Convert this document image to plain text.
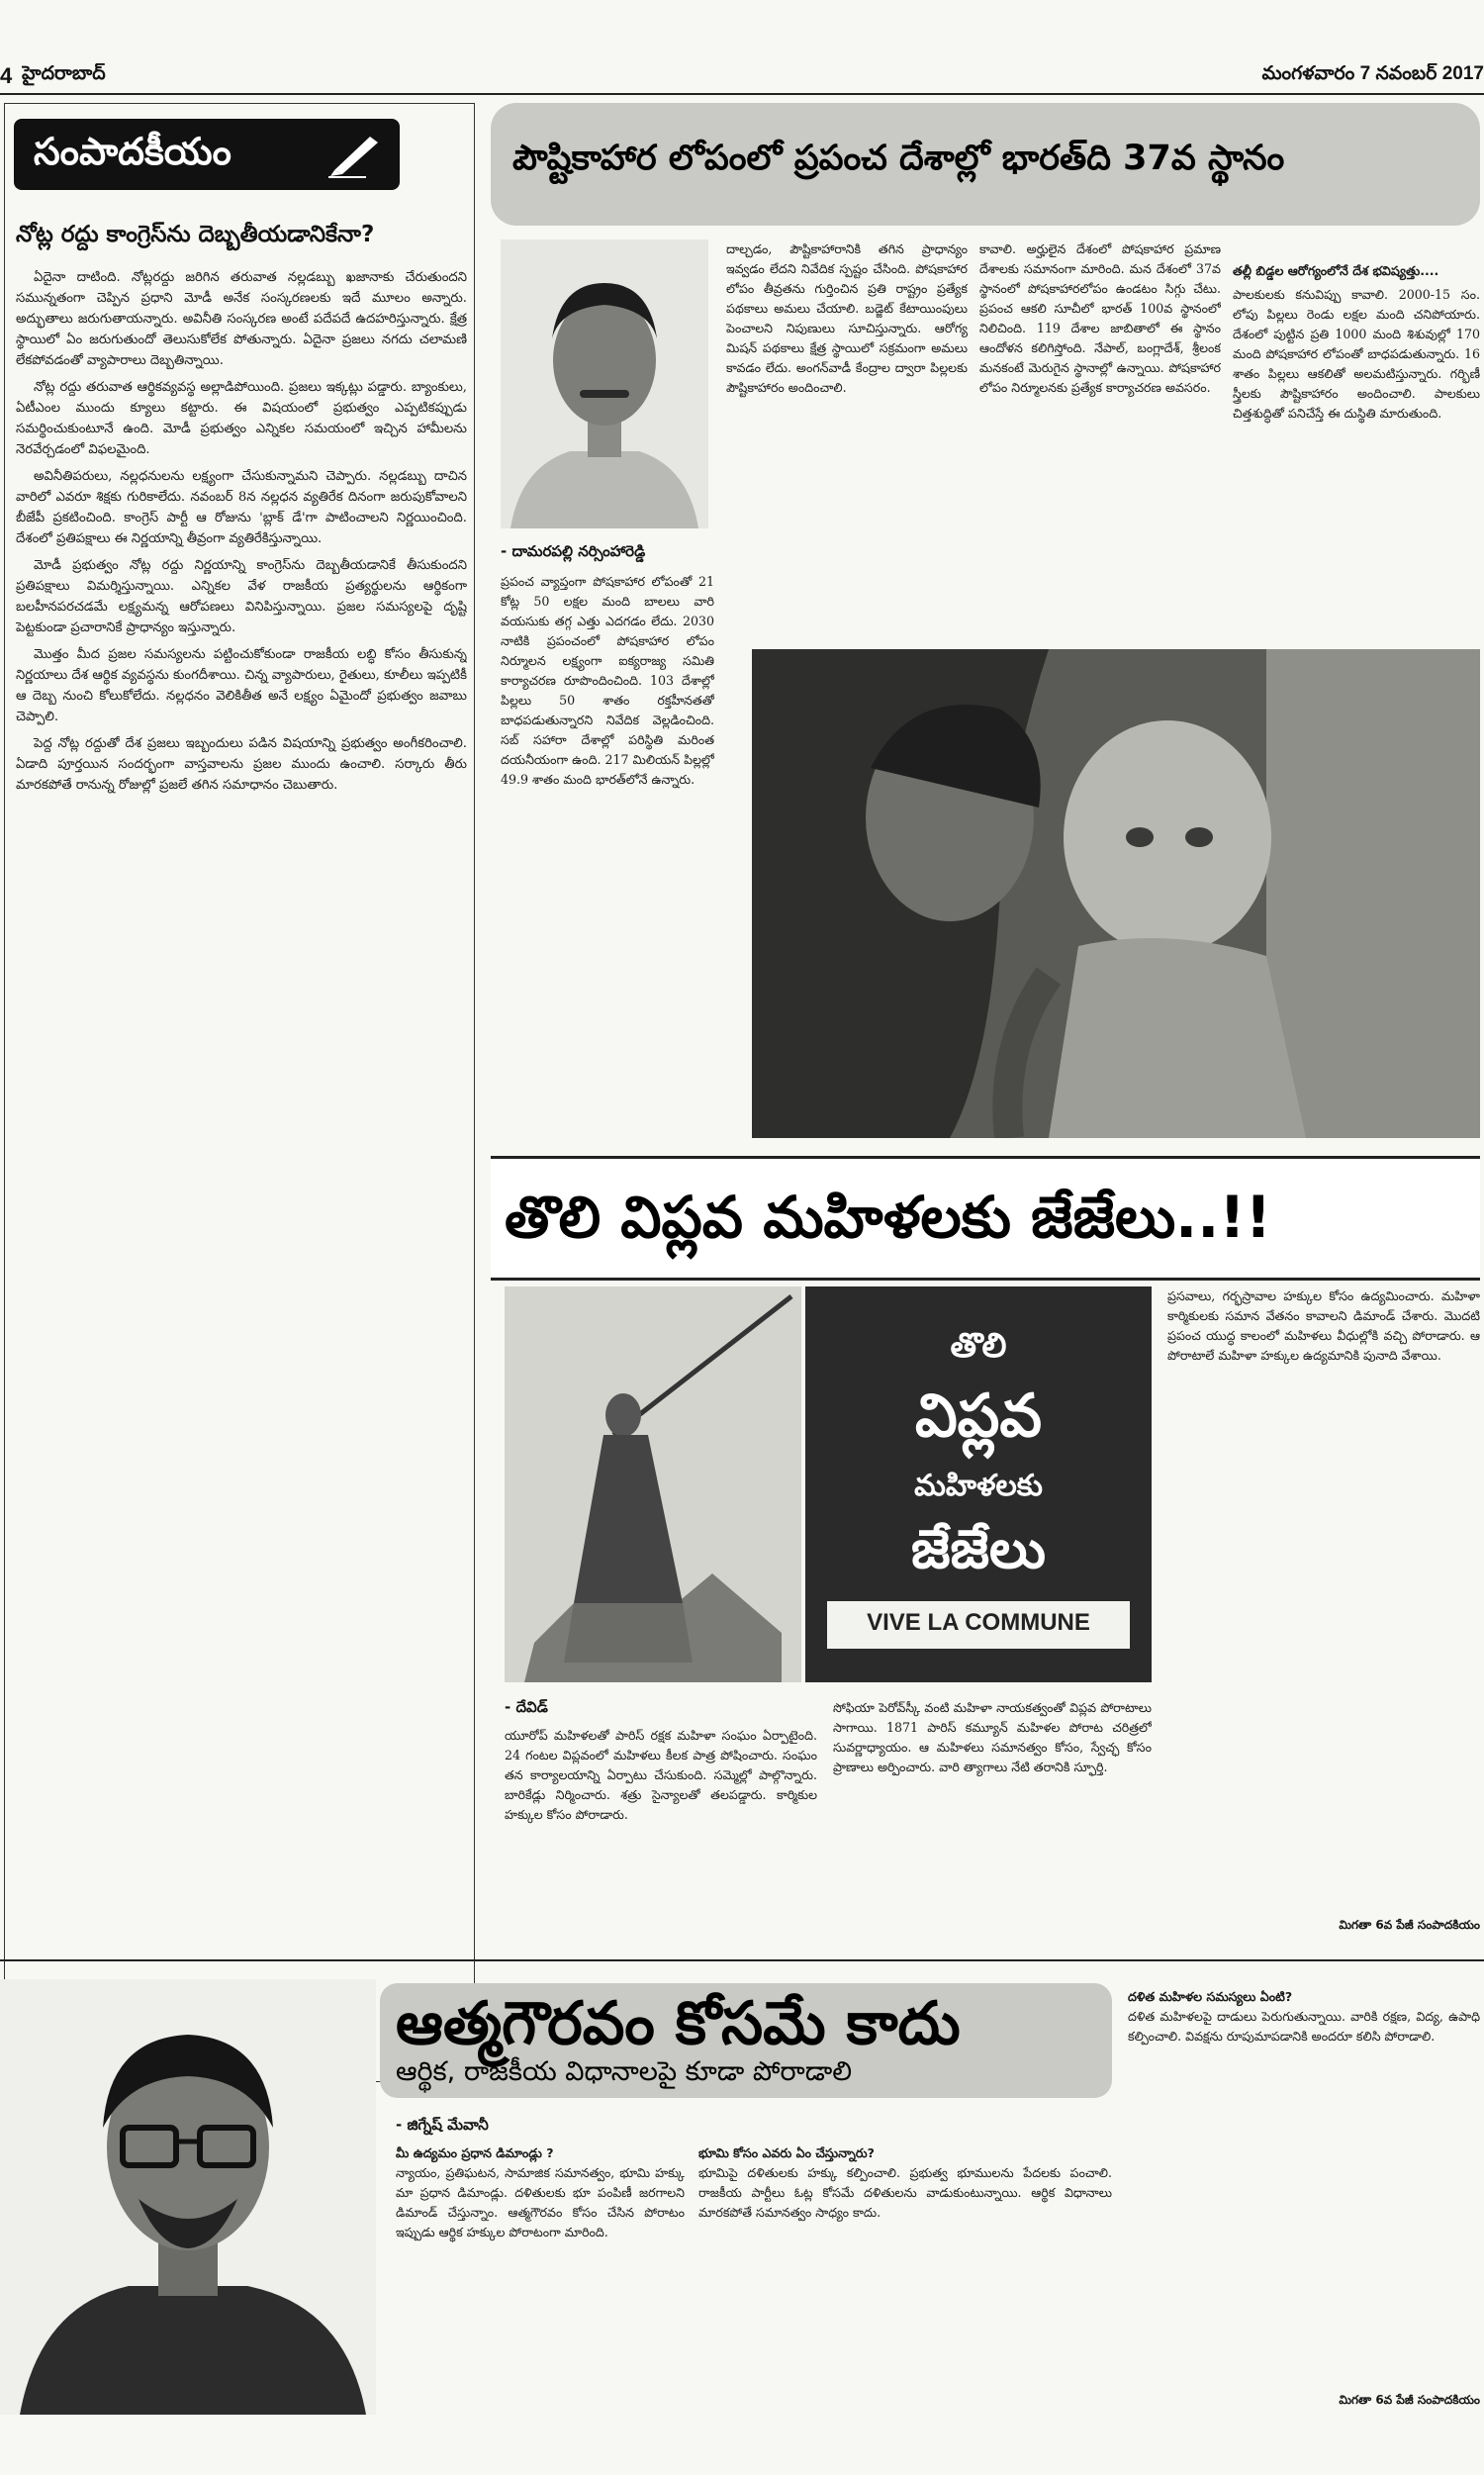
4 హైదరాబాద్	మంగళవారం 7 నవంబర్ 2017
సంపాదకీయం
నోట్ల రద్దు కాంగ్రెస్‌ను దెబ్బతీయడానికేనా?

ఏదైనా దాటింది. నోట్లరద్దు జరిగిన తరువాత నల్లడబ్బు ఖజానాకు చేరుతుందని సమున్నతంగా చెప్పిన ప్రధాని మోడీ అనేక సంస్కరణలకు ఇదే మూలం అన్నారు. అద్భుతాలు జరుగుతాయన్నారు. అవినీతి సంస్కరణ అంటే పదేపదే ఉదహరిస్తున్నారు. క్షేత్ర స్థాయిలో ఏం జరుగుతుందో తెలుసుకోలేక పోతున్నారు. ఏదైనా ప్రజలు నగదు చలామణి లేకపోవడంతో వ్యాపారాలు దెబ్బతిన్నాయి.

నోట్ల రద్దు తరువాత ఆర్థికవ్యవస్థ అల్లాడిపోయింది. ప్రజలు ఇక్కట్లు పడ్డారు. బ్యాంకులు, ఏటీఎంల ముందు క్యూలు కట్టారు. ఈ విషయంలో ప్రభుత్వం ఎప్పటికప్పుడు సమర్థించుకుంటూనే ఉంది. మోడీ ప్రభుత్వం ఎన్నికల సమయంలో ఇచ్చిన హామీలను నెరవేర్చడంలో విఫలమైంది.

అవినీతిపరులు, నల్లధనులను లక్ష్యంగా చేసుకున్నామని చెప్పారు. నల్లడబ్బు దాచిన వారిలో ఎవరూ శిక్షకు గురికాలేదు. నవంబర్ 8న నల్లధన వ్యతిరేక దినంగా జరుపుకోవాలని బీజేపీ ప్రకటించింది. కాంగ్రెస్ పార్టీ ఆ రోజును 'బ్లాక్ డే'గా పాటించాలని నిర్ణయించింది. దేశంలో ప్రతిపక్షాలు ఈ నిర్ణయాన్ని తీవ్రంగా వ్యతిరేకిస్తున్నాయి.

మోడీ ప్రభుత్వం నోట్ల రద్దు నిర్ణయాన్ని కాంగ్రెస్‌ను దెబ్బతీయడానికే తీసుకుందని ప్రతిపక్షాలు విమర్శిస్తున్నాయి. ఎన్నికల వేళ రాజకీయ ప్రత్యర్థులను ఆర్థికంగా బలహీనపరచడమే లక్ష్యమన్న ఆరోపణలు వినిపిస్తున్నాయి. ప్రజల సమస్యలపై దృష్టి పెట్టకుండా ప్రచారానికే ప్రాధాన్యం ఇస్తున్నారు.

మొత్తం మీద ప్రజల సమస్యలను పట్టించుకోకుండా రాజకీయ లబ్ధి కోసం తీసుకున్న నిర్ణయాలు దేశ ఆర్థిక వ్యవస్థను కుంగదీశాయి. చిన్న వ్యాపారులు, రైతులు, కూలీలు ఇప్పటికీ ఆ దెబ్బ నుంచి కోలుకోలేదు. నల్లధనం వెలికితీత అనే లక్ష్యం ఏమైందో ప్రభుత్వం జవాబు చెప్పాలి.

పెద్ద నోట్ల రద్దుతో దేశ ప్రజలు ఇబ్బందులు పడిన విషయాన్ని ప్రభుత్వం అంగీకరించాలి. ఏడాది పూర్తయిన సందర్భంగా వాస్తవాలను ప్రజల ముందు ఉంచాలి. సర్కారు తీరు మారకపోతే రానున్న రోజుల్లో ప్రజలే తగిన సమాధానం చెబుతారు.

పౌష్టికాహార లోపంలో ప్రపంచ దేశాల్లో భారత్‌ది 37వ స్థానం
- దామరపల్లి నర్సింహారెడ్డి
ప్రపంచ వ్యాప్తంగా పోషకాహార లోపంతో 21 కోట్ల 50 లక్షల మంది బాలలు వారి వయసుకు తగ్గ ఎత్తు ఎదగడం లేదు. 2030 నాటికి ప్రపంచంలో పోషకాహార లోపం నిర్మూలన లక్ష్యంగా ఐక్యరాజ్య సమితి కార్యాచరణ రూపొందించింది. 103 దేశాల్లో పిల్లలు 50 శాతం రక్తహీనతతో బాధపడుతున్నారని నివేదిక వెల్లడించింది. సబ్ సహారా దేశాల్లో పరిస్థితి మరింత దయనీయంగా ఉంది. 217 మిలియన్ పిల్లల్లో 49.9 శాతం మంది భారత్‌లోనే ఉన్నారు.
దాల్చడం, పౌష్టికాహారానికి తగిన ప్రాధాన్యం ఇవ్వడం లేదని నివేదిక స్పష్టం చేసింది. పోషకాహార లోపం తీవ్రతను గుర్తించిన ప్రతి రాష్ట్రం ప్రత్యేక పథకాలు అమలు చేయాలి. బడ్జెట్ కేటాయింపులు పెంచాలని నిపుణులు సూచిస్తున్నారు. ఆరోగ్య మిషన్ పథకాలు క్షేత్ర స్థాయిలో సక్రమంగా అమలు కావడం లేదు. అంగన్‌వాడీ కేంద్రాల ద్వారా పిల్లలకు పౌష్టికాహారం అందించాలి.
కావాలి. అర్హులైన దేశంలో పోషకాహార ప్రమాణ దేశాలకు సమానంగా మారింది. మన దేశంలో 37వ స్థానంలో పోషకాహారలోపం ఉండటం సిగ్గు చేటు. ప్రపంచ ఆకలి సూచీలో భారత్ 100వ స్థానంలో నిలిచింది. 119 దేశాల జాబితాలో ఈ స్థానం ఆందోళన కలిగిస్తోంది. నేపాల్, బంగ్లాదేశ్, శ్రీలంక మనకంటే మెరుగైన స్థానాల్లో ఉన్నాయి. పోషకాహార లోపం నిర్మూలనకు ప్రత్యేక కార్యాచరణ అవసరం.
తల్లీ బిడ్డల ఆరోగ్యంలోనే దేశ భవిష్యత్తు....
పాలకులకు కనువిప్పు కావాలి. 2000-15 సం. లోపు పిల్లలు రెండు లక్షల మంది చనిపోయారు. దేశంలో పుట్టిన ప్రతి 1000 మంది శిశువుల్లో 170 మంది పోషకాహార లోపంతో బాధపడుతున్నారు. 16 శాతం పిల్లలు ఆకలితో అలమటిస్తున్నారు. గర్భిణీ స్త్రీలకు పౌష్టికాహారం అందించాలి. పాలకులు చిత్తశుద్ధితో పనిచేస్తే ఈ దుస్థితి మారుతుంది.
తొలి విప్లవ మహిళలకు జేజేలు..!!
తొలి
విప్లవ
మహిళలకు
జేజేలు
VIVE LA COMMUNE
ప్రసవాలు, గర్భస్రావాల హక్కుల కోసం ఉద్యమించారు. మహిళా కార్మికులకు సమాన వేతనం కావాలని డిమాండ్ చేశారు. మొదటి ప్రపంచ యుద్ధ కాలంలో మహిళలు వీధుల్లోకి వచ్చి పోరాడారు. ఆ పోరాటాలే మహిళా హక్కుల ఉద్యమానికి పునాది వేశాయి.
- దేవిడ్
యూరోప్ మహిళలతో పారిస్ రక్షక మహిళా సంఘం ఏర్పాటైంది. 24 గంటల విప్లవంలో మహిళలు కీలక పాత్ర పోషించారు. సంఘం తన కార్యాలయాన్ని ఏర్పాటు చేసుకుంది. సమ్మెల్లో పాల్గొన్నారు. బారికేడ్లు నిర్మించారు. శత్రు సైన్యాలతో తలపడ్డారు. కార్మికుల హక్కుల కోసం పోరాడారు.
సోఫియా పెరోవ్‌స్కీ వంటి మహిళా నాయకత్వంతో విప్లవ పోరాటాలు సాగాయి. 1871 పారిస్ కమ్యూన్ మహిళల పోరాట చరిత్రలో సువర్ణాధ్యాయం. ఆ మహిళలు సమానత్వం కోసం, స్వేచ్ఛ కోసం ప్రాణాలు అర్పించారు. వారి త్యాగాలు నేటి తరానికి స్ఫూర్తి.
మిగతా 6వ పేజీ సంపాదకియం
ఆత్మగౌరవం కోసమే కాదు
ఆర్థిక, రాజకీయ విధానాలపై కూడా పోరాడాలి
- జిగ్నేష్ మేవానీ
మీ ఉద్యమం ప్రధాన డిమాండ్లు ?
న్యాయం, ప్రతిఘటన, సామాజిక సమానత్వం, భూమి హక్కు మా ప్రధాన డిమాండ్లు. దళితులకు భూ పంపిణీ జరగాలని డిమాండ్ చేస్తున్నాం. ఆత్మగౌరవం కోసం చేసిన పోరాటం ఇప్పుడు ఆర్థిక హక్కుల పోరాటంగా మారింది.
భూమి కోసం ఎవరు ఏం చేస్తున్నారు?
భూమిపై దళితులకు హక్కు కల్పించాలి. ప్రభుత్వ భూములను పేదలకు పంచాలి. రాజకీయ పార్టీలు ఓట్ల కోసమే దళితులను వాడుకుంటున్నాయి. ఆర్థిక విధానాలు మారకపోతే సమానత్వం సాధ్యం కాదు.
దళిత మహిళల సమస్యలు ఏంటి?
దళిత మహిళలపై దాడులు పెరుగుతున్నాయి. వారికి రక్షణ, విద్య, ఉపాధి కల్పించాలి. వివక్షను రూపుమాపడానికి అందరూ కలిసి పోరాడాలి.
మిగతా 6వ పేజీ సంపాదకియం
